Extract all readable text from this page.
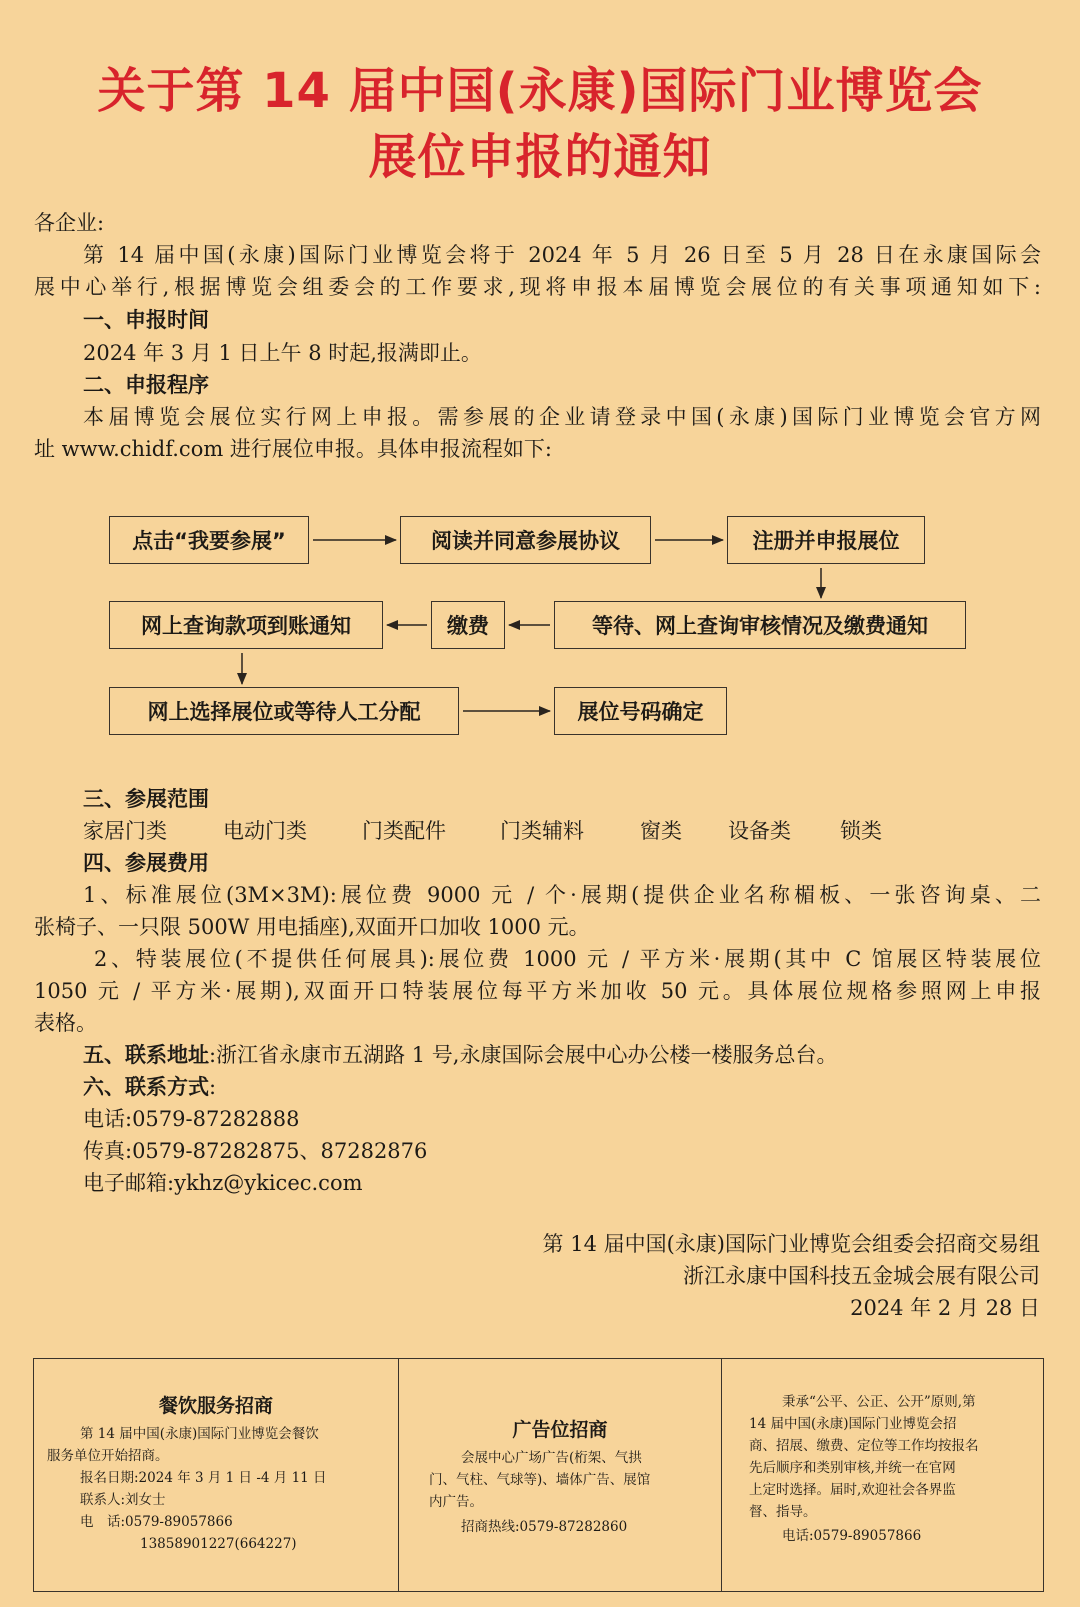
关于第 14 届中国(永康)国际门业博览会
展位申报的通知
各企业:
第 14 届中国(永康)国际门业博览会将于 2024 年 5 月 26 日至 5 月 28 日在永康国际会
展中心举行,根据博览会组委会的工作要求,现将申报本届博览会展位的有关事项通知如下:
一、申报时间
2024 年 3 月 1 日上午 8 时起,报满即止。
二、申报程序
本届博览会展位实行网上申报。需参展的企业请登录中国(永康)国际门业博览会官方网
址 www.chidf.com 进行展位申报。具体申报流程如下:
点击“我要参展”	阅读并同意参展协议	注册并申报展位
等待、网上查询审核情况及缴费通知
缴费
网上查询款项到账通知
网上选择展位或等待人工分配	展位号码确定
三、参展范围
家居门类	电动门类	门类配件	门类辅料	窗类 设备类 锁类
四、参展费用
1、标准展位(3M×3M):展位费 9000 元 / 个·展期(提供企业名称楣板、一张咨询桌、二
张椅子、一只限 500W 用电插座),双面开口加收 1000 元。
2、特装展位(不提供任何展具):展位费 1000 元 / 平方米·展期(其中 C 馆展区特装展位
1050 元 / 平方米·展期),双面开口特装展位每平方米加收 50 元。具体展位规格参照网上申报
表格。
五、联系地址:浙江省永康市五湖路 1 号,永康国际会展中心办公楼一楼服务总台。
六、联系方式:
电话:0579-87282888
传真:0579-87282875、87282876
电子邮箱:ykhz@ykicec.com
第 14 届中国(永康)国际门业博览会组委会招商交易组
浙江永康中国科技五金城会展有限公司
2024 年 2 月 28 日
餐饮服务招商
第 14 届中国(永康)国际门业博览会餐饮
服务单位开始招商。
报名日期:2024 年 3 月 1 日 -4 月 11 日
联系人:刘女士
电　话:0579-89057866
13858901227(664227)
广告位招商
会展中心广场广告(桁架、气拱
门、气柱、气球等)、墙体广告、展馆
内广告。
招商热线:0579-87282860
秉承“公平、公正、公开”原则,第
14 届中国(永康)国际门业博览会招
商、招展、缴费、定位等工作均按报名
先后顺序和类别审核,并统一在官网
上定时选择。届时,欢迎社会各界监
督、指导。
电话:0579-89057866
